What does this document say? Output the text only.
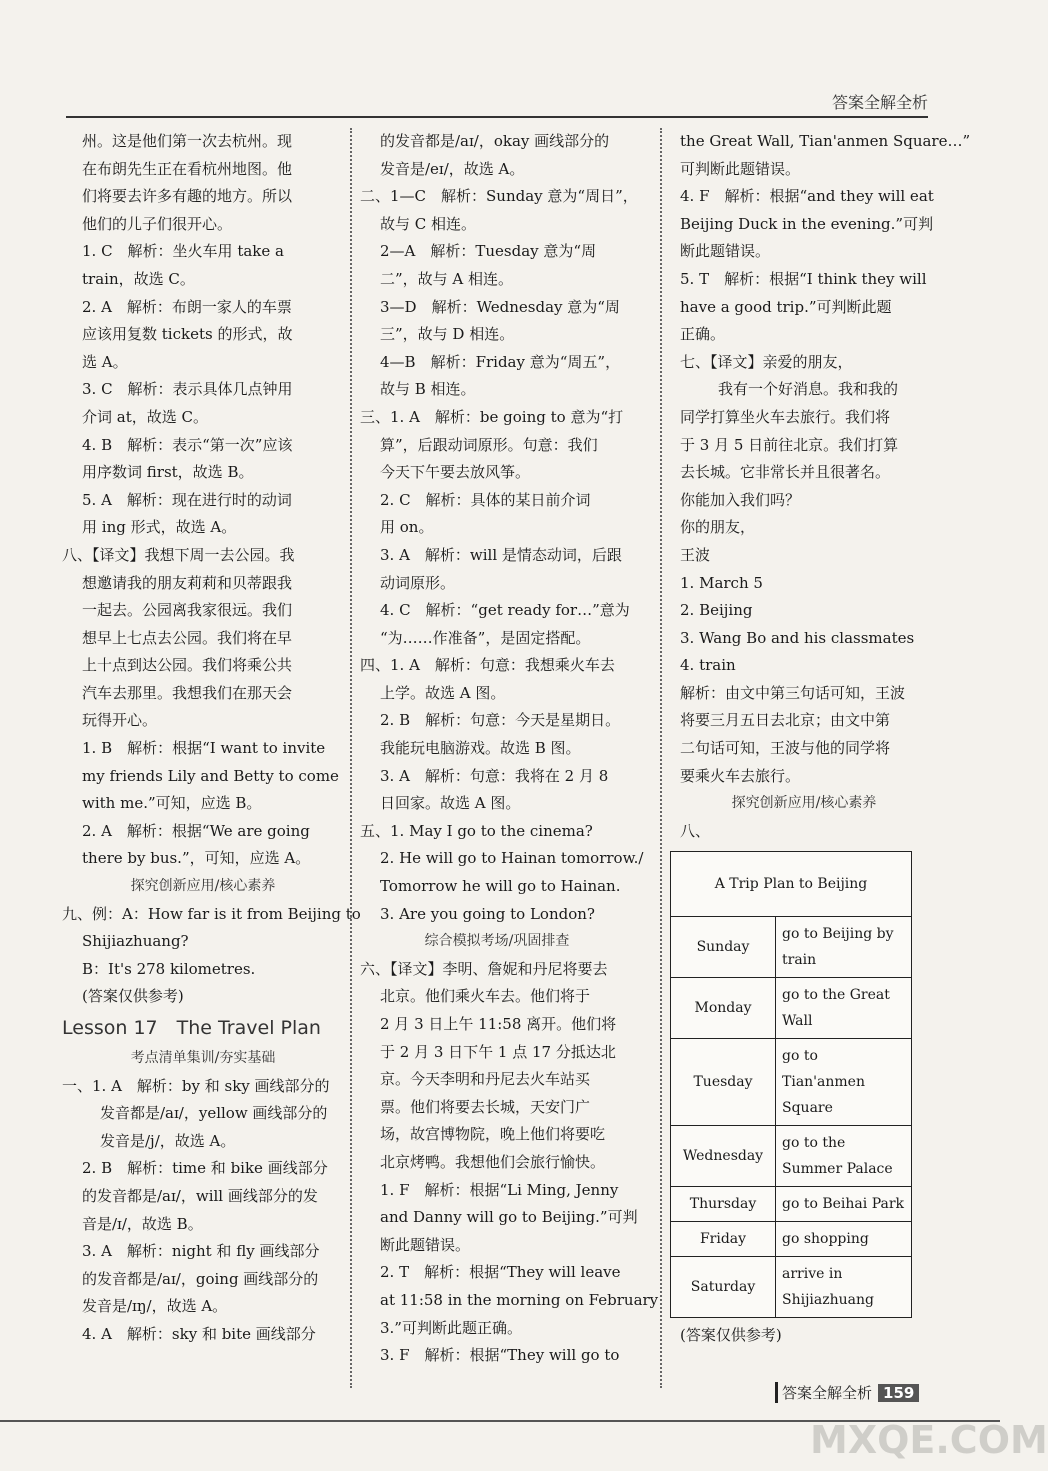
答案全解全析
州。这是他们第一次去杭州。现
在布朗先生正在看杭州地图。他
们将要去许多有趣的地方。所以
他们的儿子们很开心。
1. C　解析：坐火车用 take a
train，故选 C。
2. A　解析：布朗一家人的车票
应该用复数 tickets 的形式，故
选 A。
3. C　解析：表示具体几点钟用
介词 at，故选 C。
4. B　解析：表示“第一次”应该
用序数词 first，故选 B。
5. A　解析：现在进行时的动词
用 ing 形式，故选 A。
八、【译文】我想下周一去公园。我
想邀请我的朋友莉莉和贝蒂跟我
一起去。公园离我家很远。我们
想早上七点去公园。我们将在早
上十点到达公园。我们将乘公共
汽车去那里。我想我们在那天会
玩得开心。
1. B　解析：根据“I want to invite
my friends Lily and Betty to come
with me.”可知，应选 B。
2. A　解析：根据“We are going
there by bus.”，可知，应选 A。
探究创新应用/核心素养
九、例：A：How far is it from Beijing to
Shijiazhuang?
B：It's 278 kilometres.
(答案仅供参考)
Lesson 17　The Travel Plan
考点清单集训/夯实基础
一、1. A　解析：by 和 sky 画线部分的
发音都是/aɪ/，yellow 画线部分的
发音是/j/，故选 A。
2. B　解析：time 和 bike 画线部分
的发音都是/aɪ/，will 画线部分的发
音是/ɪ/，故选 B。
3. A　解析：night 和 fly 画线部分
的发音都是/aɪ/，going 画线部分的
发音是/ɪŋ/，故选 A。
4. A　解析：sky 和 bite 画线部分
的发音都是/aɪ/，okay 画线部分的
发音是/eɪ/，故选 A。
二、1—C　解析：Sunday 意为“周日”，
故与 C 相连。
2—A　解析：Tuesday 意为“周
二”，故与 A 相连。
3—D　解析：Wednesday 意为“周
三”，故与 D 相连。
4—B　解析：Friday 意为“周五”，
故与 B 相连。
三、1. A　解析：be going to 意为“打
算”，后跟动词原形。句意：我们
今天下午要去放风筝。
2. C　解析：具体的某日前介词
用 on。
3. A　解析：will 是情态动词，后跟
动词原形。
4. C　解析：“get ready for…”意为
“为……作准备”，是固定搭配。
四、1. A　解析：句意：我想乘火车去
上学。故选 A 图。
2. B　解析：句意：今天是星期日。
我能玩电脑游戏。故选 B 图。
3. A　解析：句意：我将在 2 月 8
日回家。故选 A 图。
五、1. May I go to the cinema?
2. He will go to Hainan tomorrow./
Tomorrow he will go to Hainan.
3. Are you going to London?
综合模拟考场/巩固排查
六、【译文】李明、詹妮和丹尼将要去
北京。他们乘火车去。他们将于
2 月 3 日上午 11:58 离开。他们将
于 2 月 3 日下午 1 点 17 分抵达北
京。今天李明和丹尼去火车站买
票。他们将要去长城，天安门广
场，故宫博物院，晚上他们将要吃
北京烤鸭。我想他们会旅行愉快。
1. F　解析：根据“Li Ming, Jenny
and Danny will go to Beijing.”可判
断此题错误。
2. T　解析：根据“They will leave
at 11:58 in the morning on February
3.”可判断此题正确。
3. F　解析：根据“They will go to
the Great Wall, Tian'anmen Square…”
可判断此题错误。
4. F　解析：根据“and they will eat
Beijing Duck in the evening.”可判
断此题错误。
5. T　解析：根据“I think they will
have a good trip.”可判断此题
正确。
七、【译文】亲爱的朋友，
我有一个好消息。我和我的
同学打算坐火车去旅行。我们将
于 3 月 5 日前往北京。我们打算
去长城。它非常长并且很著名。
你能加入我们吗？
你的朋友，
王波
1. March 5
2. Beijing
3. Wang Bo and his classmates
4. train
解析：由文中第三句话可知，王波
将要三月五日去北京；由文中第
二句话可知，王波与他的同学将
要乘火车去旅行。
探究创新应用/核心素养
八、
A Trip Plan to Beijing	
Sunday	go to Beijing by train
Monday	go to the Great Wall
Tuesday	go to Tian'anmen Square
Wednesday	go to the Summer Palace
Thursday	go to Beihai Park
Friday	go shopping
Saturday	arrive in Shijiazhuang
(答案仅供参考)
答案全解全析 159
MXQE.COM
